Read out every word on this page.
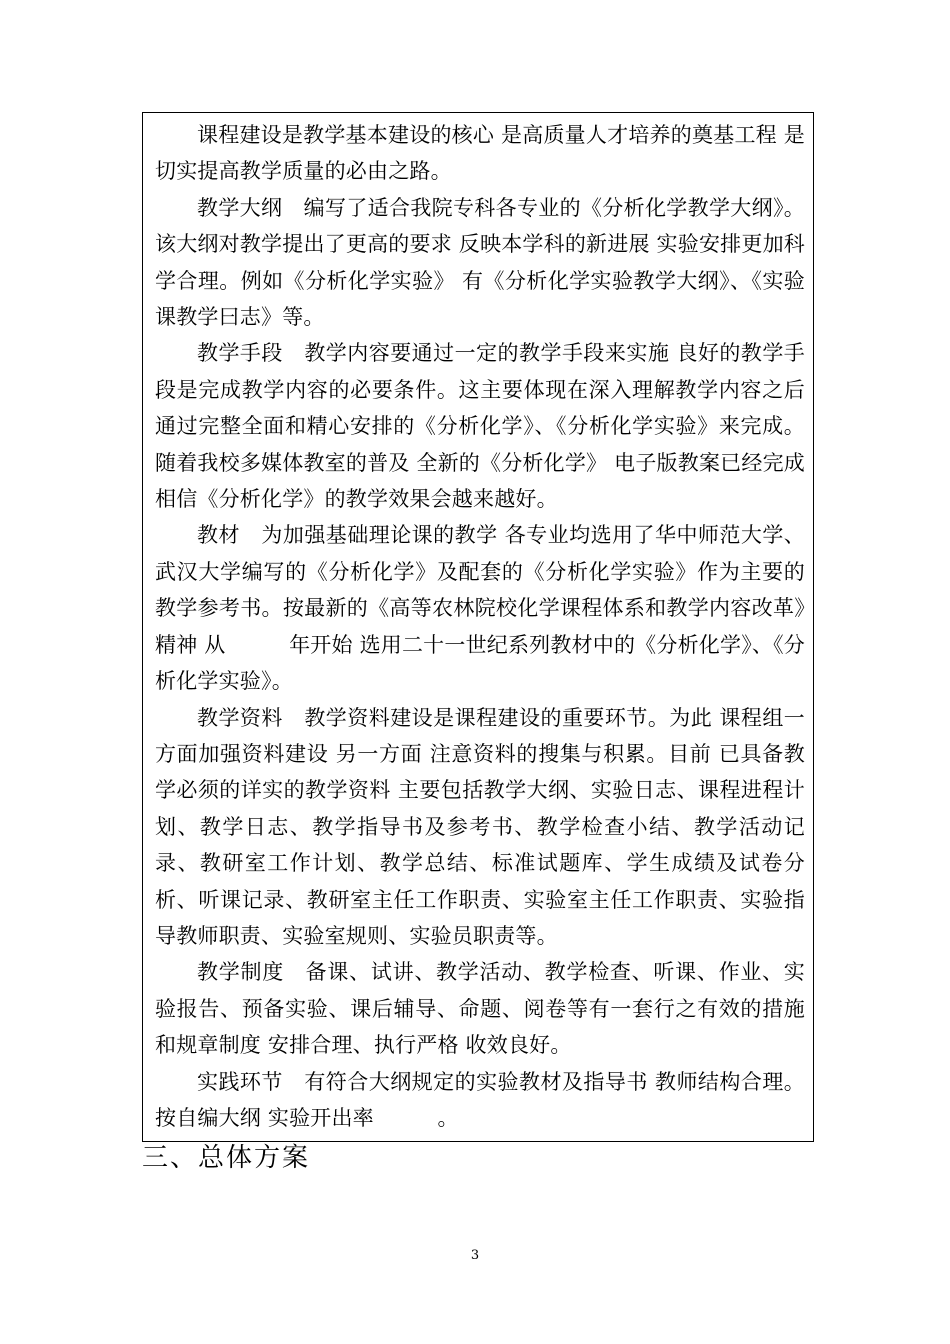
课程建设是教学基本建设的核心 是高质量人才培养的奠基工程 是切实提高教学质量的必由之路。

教学大纲　编写了适合我院专科各专业的《分析化学教学大纲》。该大纲对教学提出了更高的要求 反映本学科的新进展 实验安排更加科学合理。例如《分析化学实验》 有《分析化学实验教学大纲》、《实验课教学曰志》等。

教学手段　教学内容要通过一定的教学手段来实施 良好的教学手段是完成教学内容的必要条件。这主要体现在深入理解教学内容之后 通过完整全面和精心安排的《分析化学》、《分析化学实验》来完成。随着我校多媒体教室的普及 全新的《分析化学》 电子版教案已经完成 相信《分析化学》的教学效果会越来越好。

教材　为加强基础理论课的教学 各专业均选用了华中师范大学、武汉大学编写的《分析化学》及配套的《分析化学实验》作为主要的教学参考书。按最新的《高等农林院校化学课程体系和教学内容改革》精神 从　　　年开始 选用二十一世纪系列教材中的《分析化学》、《分析化学实验》。

教学资料　教学资料建设是课程建设的重要环节。为此 课程组一方面加强资料建设 另一方面 注意资料的搜集与积累。目前 已具备教学必须的详实的教学资料 主要包括教学大纲、实验日志、课程进程计划、教学日志、教学指导书及参考书、教学检查小结、教学活动记录、教研室工作计划、教学总结、标准试题库、学生成绩及试卷分析、听课记录、教研室主任工作职责、实验室主任工作职责、实验指导教师职责、实验室规则、实验员职责等。

教学制度　备课、试讲、教学活动、教学检查、听课、作业、实验报告、预备实验、课后辅导、命题、阅卷等有一套行之有效的措施和规章制度 安排合理、执行严格 收效良好。

实践环节　有符合大纲规定的实验教材及指导书 教师结构合理。按自编大纲 实验开出率　　　。

三、总体方案
3
